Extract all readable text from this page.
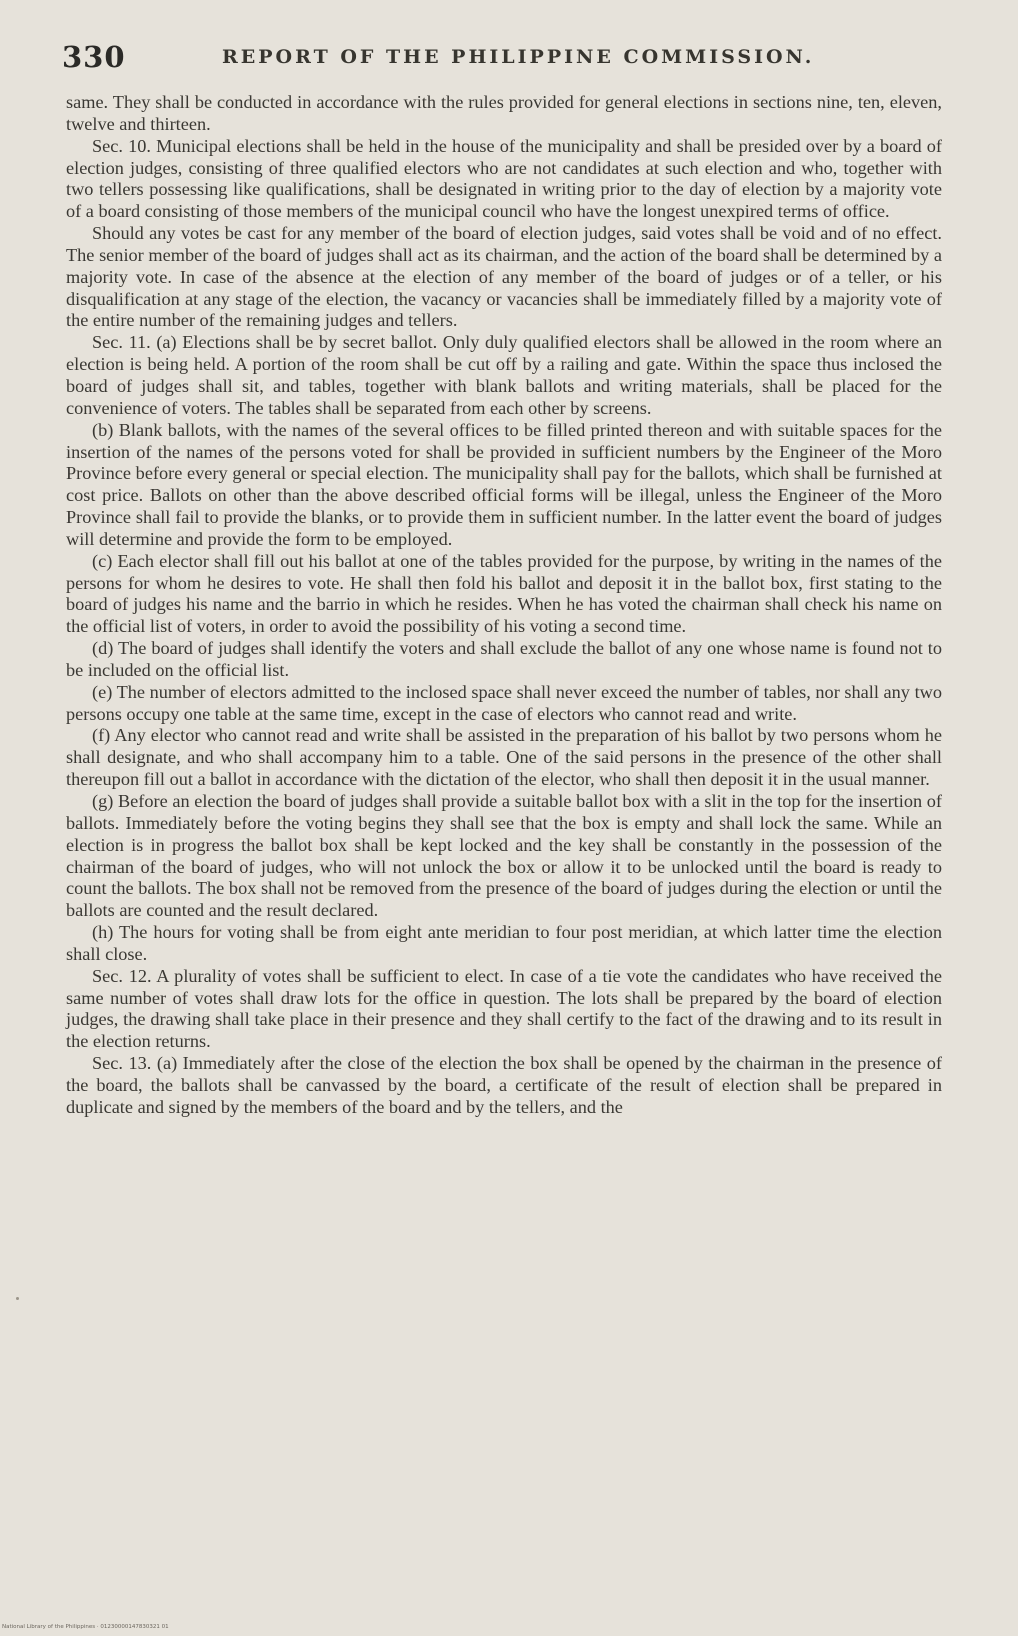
330	REPORT OF THE PHILIPPINE COMMISSION.

same. They shall be conducted in accordance with the rules provided for general elections in sections nine, ten, eleven, twelve and thirteen.

Sec. 10. Municipal elections shall be held in the house of the municipality and shall be presided over by a board of election judges, consisting of three qualified electors who are not candidates at such election and who, together with two tellers possessing like qualifications, shall be designated in writing prior to the day of election by a majority vote of a board consisting of those members of the municipal council who have the longest unexpired terms of office.

Should any votes be cast for any member of the board of election judges, said votes shall be void and of no effect. The senior member of the board of judges shall act as its chairman, and the action of the board shall be determined by a majority vote. In case of the absence at the election of any member of the board of judges or of a teller, or his disqualification at any stage of the election, the vacancy or vacancies shall be immediately filled by a majority vote of the entire number of the remaining judges and tellers.

Sec. 11. (a) Elections shall be by secret ballot. Only duly qualified electors shall be allowed in the room where an election is being held. A portion of the room shall be cut off by a railing and gate. Within the space thus inclosed the board of judges shall sit, and tables, together with blank ballots and writing materials, shall be placed for the convenience of voters. The tables shall be separated from each other by screens.

(b) Blank ballots, with the names of the several offices to be filled printed thereon and with suitable spaces for the insertion of the names of the persons voted for shall be provided in sufficient numbers by the Engineer of the Moro Province before every general or special election. The municipality shall pay for the ballots, which shall be furnished at cost price. Ballots on other than the above described official forms will be illegal, unless the Engineer of the Moro Province shall fail to provide the blanks, or to provide them in sufficient number. In the latter event the board of judges will determine and provide the form to be employed.

(c) Each elector shall fill out his ballot at one of the tables provided for the purpose, by writing in the names of the persons for whom he desires to vote. He shall then fold his ballot and deposit it in the ballot box, first stating to the board of judges his name and the barrio in which he resides. When he has voted the chairman shall check his name on the official list of voters, in order to avoid the possibility of his voting a second time.

(d) The board of judges shall identify the voters and shall exclude the ballot of any one whose name is found not to be included on the official list.

(e) The number of electors admitted to the inclosed space shall never exceed the number of tables, nor shall any two persons occupy one table at the same time, except in the case of electors who cannot read and write.

(f) Any elector who cannot read and write shall be assisted in the preparation of his ballot by two persons whom he shall designate, and who shall accompany him to a table. One of the said persons in the presence of the other shall thereupon fill out a ballot in accordance with the dictation of the elector, who shall then deposit it in the usual manner.

(g) Before an election the board of judges shall provide a suitable ballot box with a slit in the top for the insertion of ballots. Immediately before the voting begins they shall see that the box is empty and shall lock the same. While an election is in progress the ballot box shall be kept locked and the key shall be constantly in the possession of the chairman of the board of judges, who will not unlock the box or allow it to be unlocked until the board is ready to count the ballots. The box shall not be removed from the presence of the board of judges during the election or until the ballots are counted and the result declared.

(h) The hours for voting shall be from eight ante meridian to four post meridian, at which latter time the election shall close.

Sec. 12. A plurality of votes shall be sufficient to elect. In case of a tie vote the candidates who have received the same number of votes shall draw lots for the office in question. The lots shall be prepared by the board of election judges, the drawing shall take place in their presence and they shall certify to the fact of the drawing and to its result in the election returns.

Sec. 13. (a) Immediately after the close of the election the box shall be opened by the chairman in the presence of the board, the ballots shall be canvassed by the board, a certificate of the result of election shall be prepared in duplicate and signed by the members of the board and by the tellers, and the

National Library of the Philippines · 01230000147830321 01
